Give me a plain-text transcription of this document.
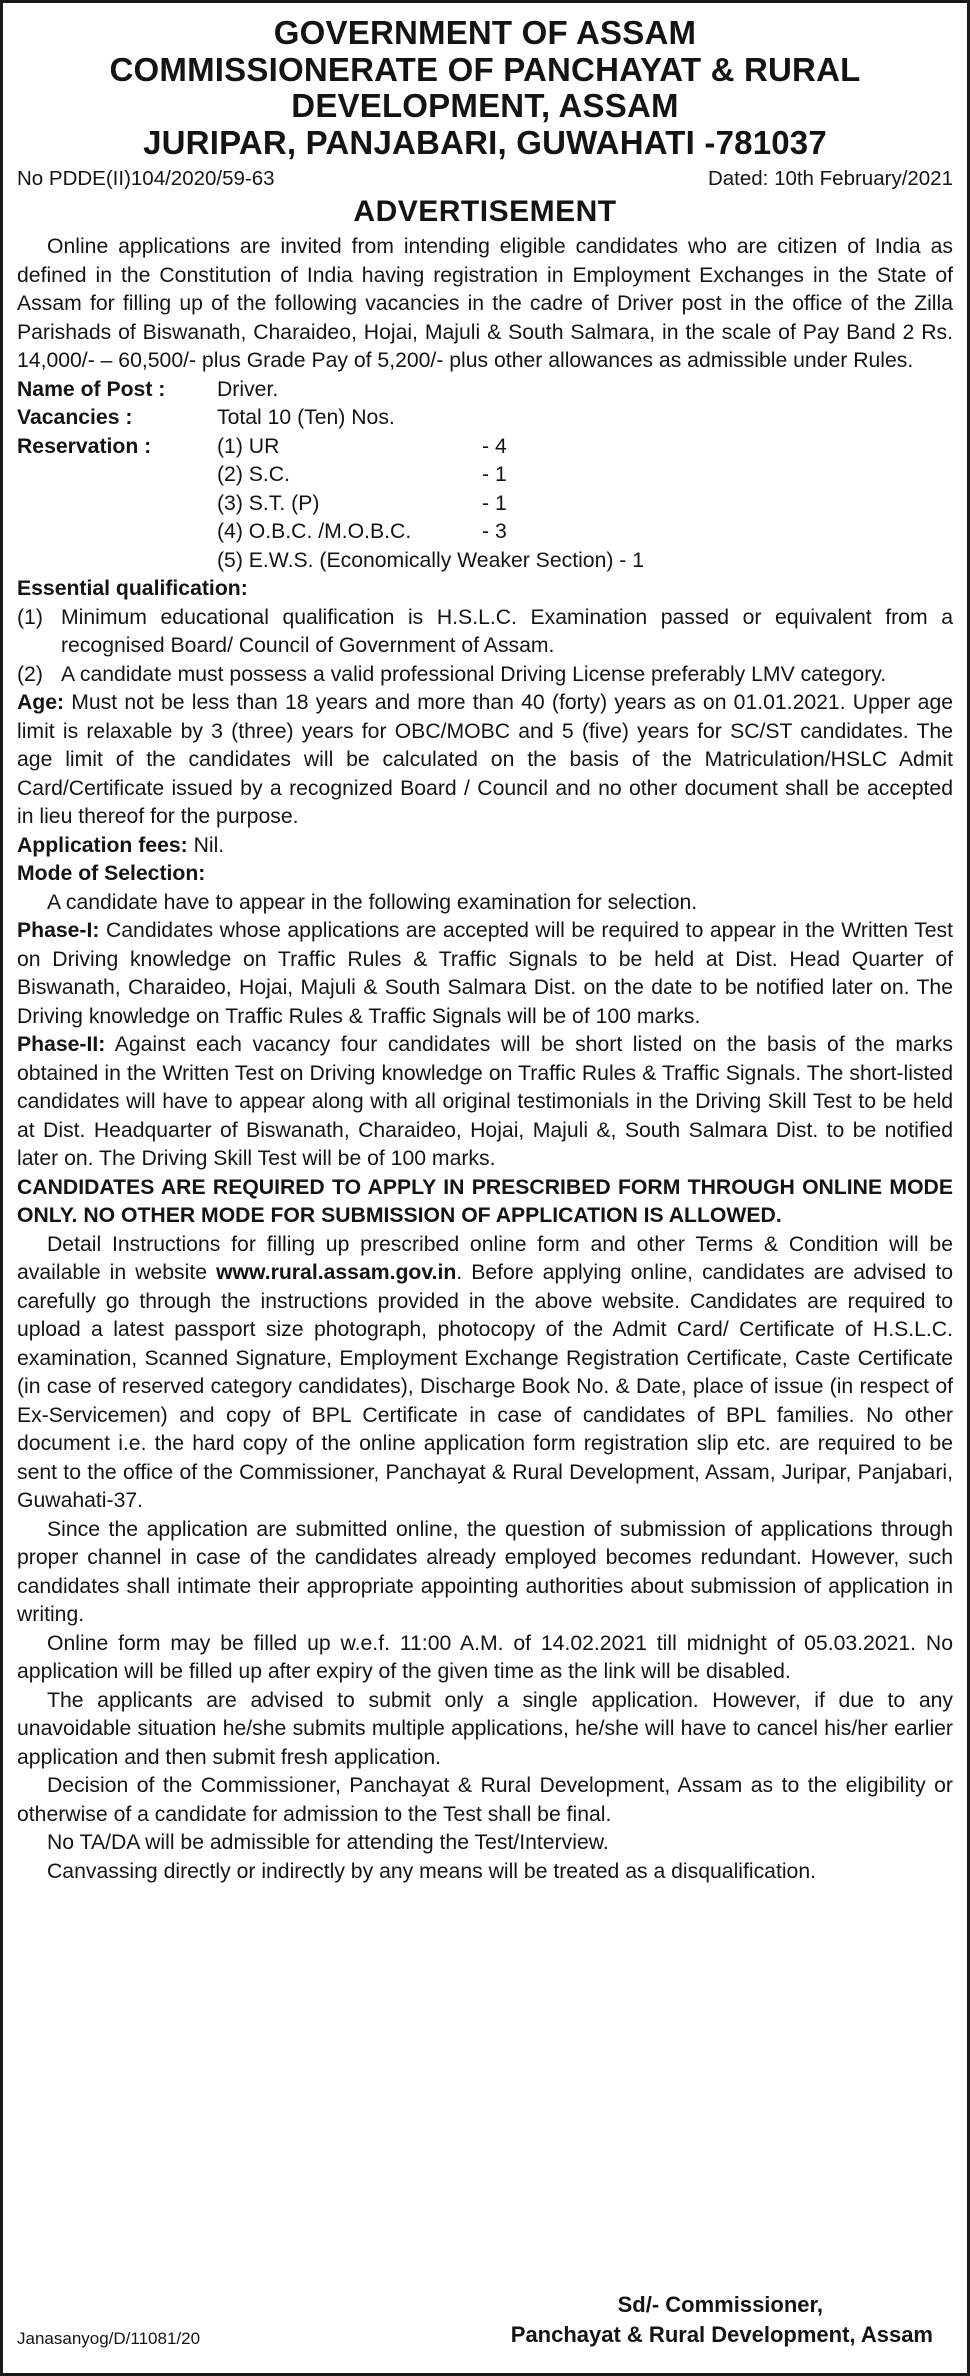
GOVERNMENT OF ASSAM
COMMISSIONERATE OF PANCHAYAT & RURAL
DEVELOPMENT, ASSAM
JURIPAR, PANJABARI, GUWAHATI -781037
No PDDE(II)104/2020/59-63	Dated: 10th February/2021
ADVERTISEMENT

Online applications are invited from intending eligible candidates who are citizen of India as defined in the Constitution of India having registration in Employment Exchanges in the State of Assam for filling up of the following vacancies in the cadre of Driver post in the office of the Zilla Parishads of Biswanath, Charaideo, Hojai, Majuli & South Salmara, in the scale of Pay Band 2 Rs. 14,000/- – 60,500/- plus Grade Pay of 5,200/- plus other allowances as admissible under Rules.

Name of Post :	Driver.
Vacancies :	Total 10 (Ten) Nos.
Reservation :	(1) UR	- 4
(2) S.C.	- 1
(3) S.T. (P)	- 1
(4) O.B.C. /M.O.B.C.	- 3
(5) E.W.S. (Economically Weaker Section) - 1
Essential qualification:
(1) Minimum educational qualification is H.S.L.C. Examination passed or equivalent from a recognised Board/ Council of Government of Assam.
(2) A candidate must possess a valid professional Driving License preferably LMV category.

Age: Must not be less than 18 years and more than 40 (forty) years as on 01.01.2021. Upper age limit is relaxable by 3 (three) years for OBC/MOBC and 5 (five) years for SC/ST candidates. The age limit of the candidates will be calculated on the basis of the Matriculation/HSLC Admit Card/Certificate issued by a recognized Board / Council and no other document shall be accepted in lieu thereof for the purpose.

Application fees: Nil.

Mode of Selection:

A candidate have to appear in the following examination for selection.

Phase-I: Candidates whose applications are accepted will be required to appear in the Written Test on Driving knowledge on Traffic Rules & Traffic Signals to be held at Dist. Head Quarter of Biswanath, Charaideo, Hojai, Majuli & South Salmara Dist. on the date to be notified later on. The Driving knowledge on Traffic Rules & Traffic Signals will be of 100 marks.

Phase-II: Against each vacancy four candidates will be short listed on the basis of the marks obtained in the Written Test on Driving knowledge on Traffic Rules & Traffic Signals. The short-listed candidates will have to appear along with all original testimonials in the Driving Skill Test to be held at Dist. Headquarter of Biswanath, Charaideo, Hojai, Majuli &, South Salmara Dist. to be notified later on. The Driving Skill Test will be of 100 marks.

CANDIDATES ARE REQUIRED TO APPLY IN PRESCRIBED FORM THROUGH ONLINE MODE ONLY. NO OTHER MODE FOR SUBMISSION OF APPLICATION IS ALLOWED.

Detail Instructions for filling up prescribed online form and other Terms & Condition will be available in website www.rural.assam.gov.in. Before applying online, candidates are advised to carefully go through the instructions provided in the above website. Candidates are required to upload a latest passport size photograph, photocopy of the Admit Card/ Certificate of H.S.L.C. examination, Scanned Signature, Employment Exchange Registration Certificate, Caste Certificate (in case of reserved category candidates), Discharge Book No. & Date, place of issue (in respect of Ex-Servicemen) and copy of BPL Certificate in case of candidates of BPL families. No other document i.e. the hard copy of the online application form registration slip etc. are required to be sent to the office of the Commissioner, Panchayat & Rural Development, Assam, Juripar, Panjabari, Guwahati-37.

Since the application are submitted online, the question of submission of applications through proper channel in case of the candidates already employed becomes redundant. However, such candidates shall intimate their appropriate appointing authorities about submission of application in writing.

Online form may be filled up w.e.f. 11:00 A.M. of 14.02.2021 till midnight of 05.03.2021. No application will be filled up after expiry of the given time as the link will be disabled.

The applicants are advised to submit only a single application. However, if due to any unavoidable situation he/she submits multiple applications, he/she will have to cancel his/her earlier application and then submit fresh application.

Decision of the Commissioner, Panchayat & Rural Development, Assam as to the eligibility or otherwise of a candidate for admission to the Test shall be final.

No TA/DA will be admissible for attending the Test/Interview.

Canvassing directly or indirectly by any means will be treated as a disqualification.

Sd/- Commissioner,
Janasanyog/D/11081/20	Panchayat & Rural Development, Assam
